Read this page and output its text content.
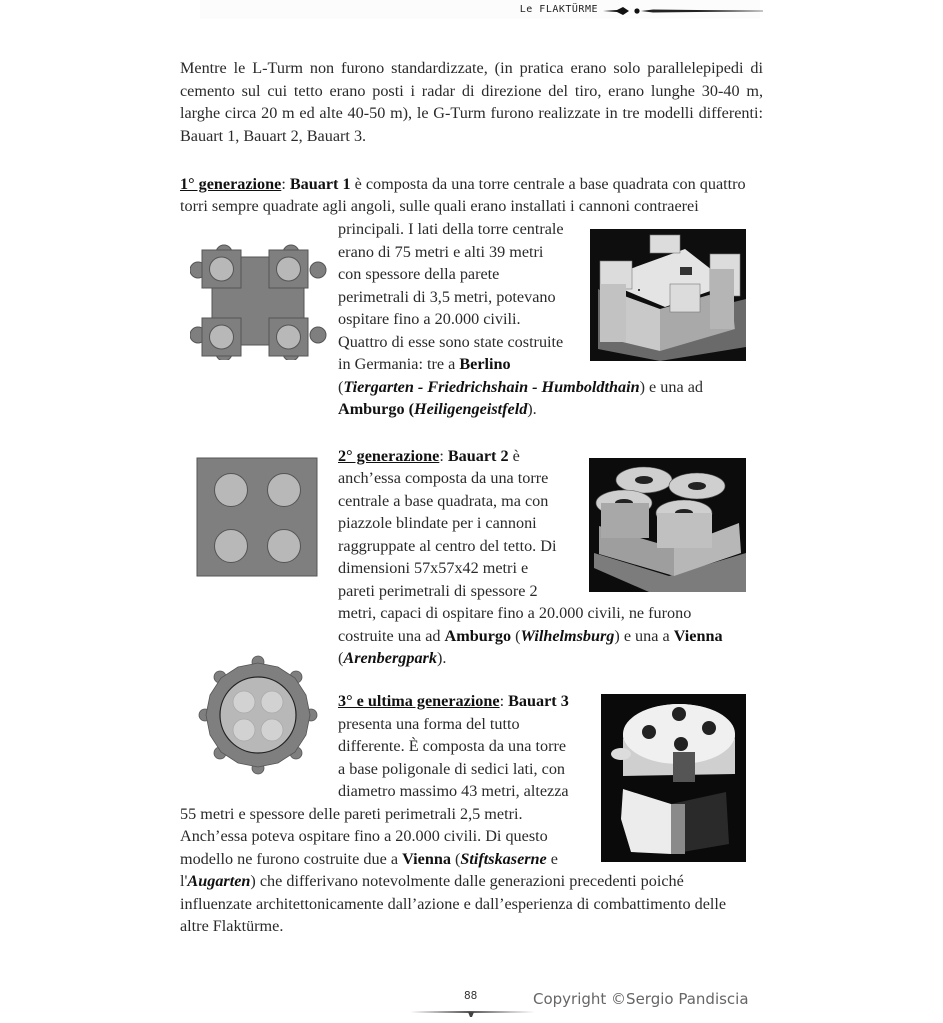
Le FLAKTÜRME
Mentre le L-Turm non furono standardizzate, (in pratica erano solo parallelepipedi di cemento sul cui tetto erano posti i radar di direzione del tiro, erano lunghe 30-40 m, larghe circa 20 m ed alte 40-50 m), le G-Turm furono realizzate in tre modelli differenti: Bauart 1, Bauart 2, Bauart 3.
1° generazione: Bauart 1 è composta da una torre centrale a base quadrata con quattro
torri sempre quadrate agli angoli, sulle quali erano installati i cannoni contraerei
principali. I lati della torre centrale
erano di 75 metri e alti 39 metri
con spessore della parete
perimetrali di 3,5 metri, potevano
ospitare fino a 20.000 civili.
Quattro di esse sono state costruite
in Germania: tre a Berlino
(Tiergarten - Friedrichshain - Humboldthain) e una ad
Amburgo (Heiligengeistfeld).
2° generazione: Bauart 2 è
anch’essa composta da una torre
centrale a base quadrata, ma con
piazzole blindate per i cannoni
raggruppate al centro del tetto. Di
dimensioni 57x57x42 metri e
pareti perimetrali di spessore 2
metri, capaci di ospitare fino a 20.000 civili, ne furono
costruite una ad Amburgo (Wilhelmsburg) e una a Vienna
(Arenbergpark).
3° e ultima generazione: Bauart 3
presenta una forma del tutto
differente. È composta da una torre
a base poligonale di sedici lati, con
diametro massimo 43 metri, altezza
55 metri e spessore delle pareti perimetrali 2,5 metri.
Anch’essa poteva ospitare fino a 20.000 civili. Di questo
modello ne furono costruite due a Vienna (Stiftskaserne e
l'Augarten) che differivano notevolmente dalle generazioni precedenti poiché
influenzate architettonicamente dall’azione e dall’esperienza di combattimento delle
altre Flaktürme.
88	Copyright ©Sergio Pandiscia
